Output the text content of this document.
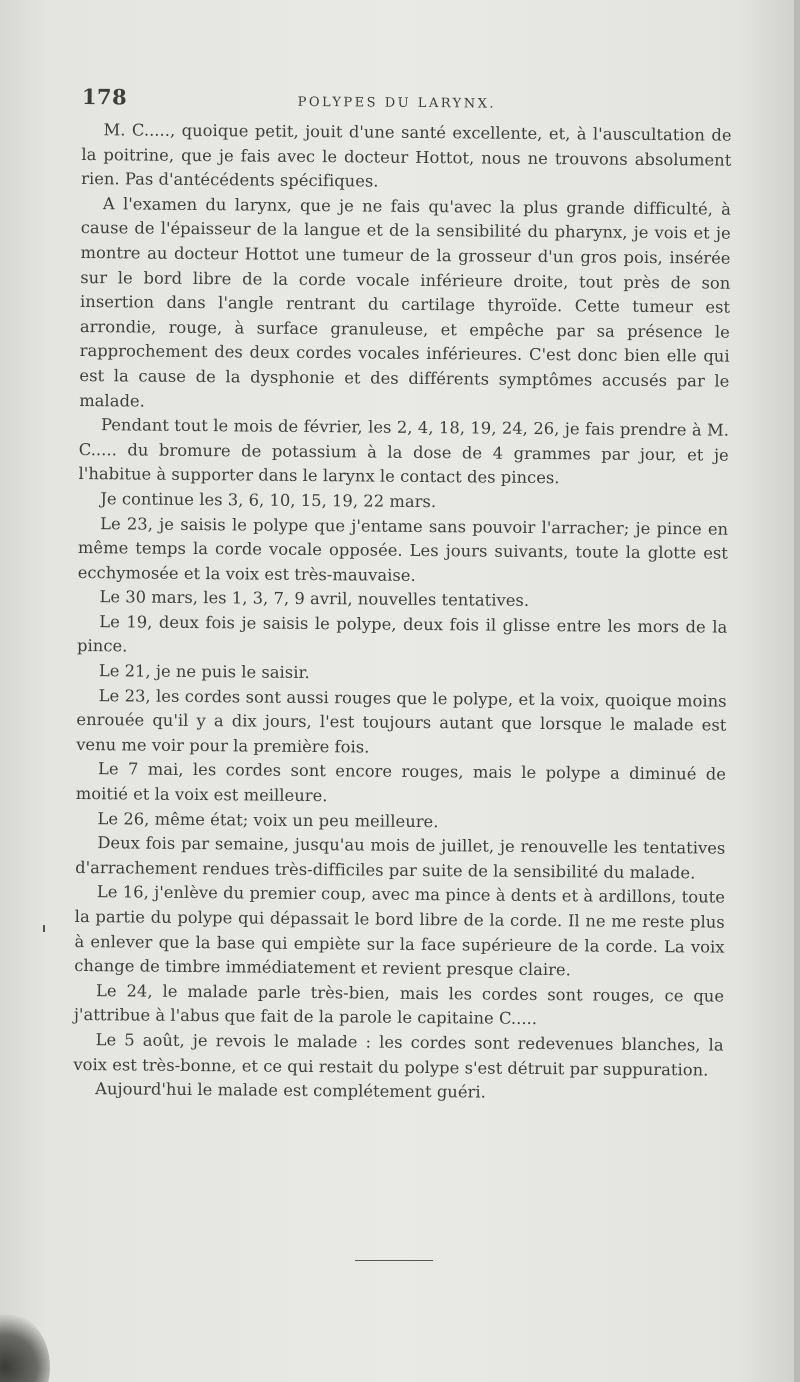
178	POLYPES DU LARYNX.

M. C....., quoique petit, jouit d'une santé excellente, et, à l'auscultation de la poitrine, que je fais avec le docteur Hottot, nous ne trouvons absolument rien. Pas d'antécédents spécifiques.

A l'examen du larynx, que je ne fais qu'avec la plus grande difficulté, à cause de l'épaisseur de la langue et de la sensibilité du pharynx, je vois et je montre au docteur Hottot une tumeur de la grosseur d'un gros pois, insérée sur le bord libre de la corde vocale inférieure droite, tout près de son insertion dans l'angle rentrant du cartilage thyroïde. Cette tumeur est arrondie, rouge, à surface granuleuse, et empêche par sa présence le rapprochement des deux cordes vocales inférieures. C'est donc bien elle qui est la cause de la dysphonie et des différents symptômes accusés par le malade.

Pendant tout le mois de février, les 2, 4, 18, 19, 24, 26, je fais prendre à M. C..... du bromure de potassium à la dose de 4 grammes par jour, et je l'habitue à supporter dans le larynx le contact des pinces.

Je continue les 3, 6, 10, 15, 19, 22 mars.

Le 23, je saisis le polype que j'entame sans pouvoir l'arracher; je pince en même temps la corde vocale opposée. Les jours suivants, toute la glotte est ecchymosée et la voix est très-mauvaise.

Le 30 mars, les 1, 3, 7, 9 avril, nouvelles tentatives.

Le 19, deux fois je saisis le polype, deux fois il glisse entre les mors de la pince.

Le 21, je ne puis le saisir.

Le 23, les cordes sont aussi rouges que le polype, et la voix, quoique moins enrouée qu'il y a dix jours, l'est toujours autant que lorsque le malade est venu me voir pour la première fois.

Le 7 mai, les cordes sont encore rouges, mais le polype a diminué de moitié et la voix est meilleure.

Le 26, même état; voix un peu meilleure.

Deux fois par semaine, jusqu'au mois de juillet, je renouvelle les tentatives d'arrachement rendues très-difficiles par suite de la sensibilité du malade.

Le 16, j'enlève du premier coup, avec ma pince à dents et à ardillons, toute la partie du polype qui dépassait le bord libre de la corde. Il ne me reste plus à enlever que la base qui empiète sur la face supérieure de la corde. La voix change de timbre immédiatement et revient presque claire.

Le 24, le malade parle très-bien, mais les cordes sont rouges, ce que j'attribue à l'abus que fait de la parole le capitaine C.....

Le 5 août, je revois le malade : les cordes sont redevenues blanches, la voix est très-bonne, et ce qui restait du polype s'est détruit par suppuration.

Aujourd'hui le malade est complétement guéri.
